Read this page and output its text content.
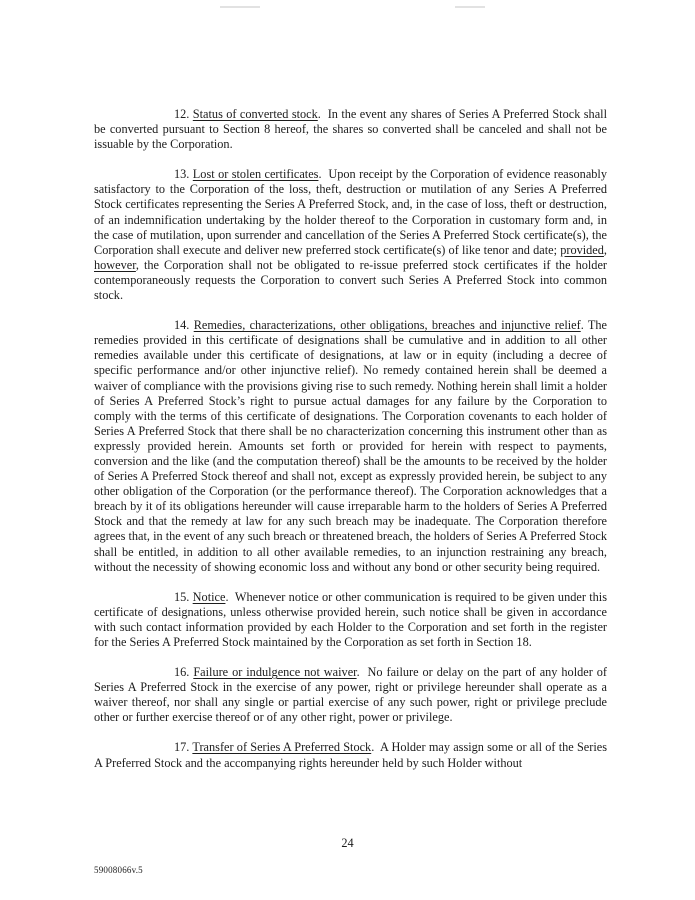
12. Status of converted stock. In the event any shares of Series A Preferred Stock shall be converted pursuant to Section 8 hereof, the shares so converted shall be canceled and shall not be issuable by the Corporation.

13. Lost or stolen certificates. Upon receipt by the Corporation of evidence reasonably satisfactory to the Corporation of the loss, theft, destruction or mutilation of any Series A Preferred Stock certificates representing the Series A Preferred Stock, and, in the case of loss, theft or destruction, of an indemnification undertaking by the holder thereof to the Corporation in customary form and, in the case of mutilation, upon surrender and cancellation of the Series A Preferred Stock certificate(s), the Corporation shall execute and deliver new preferred stock certificate(s) of like tenor and date; provided, however, the Corporation shall not be obligated to re-issue preferred stock certificates if the holder contemporaneously requests the Corporation to convert such Series A Preferred Stock into common stock.

14. Remedies, characterizations, other obligations, breaches and injunctive relief. The remedies provided in this certificate of designations shall be cumulative and in addition to all other remedies available under this certificate of designations, at law or in equity (including a decree of specific performance and/or other injunctive relief). No remedy contained herein shall be deemed a waiver of compliance with the provisions giving rise to such remedy. Nothing herein shall limit a holder of Series A Preferred Stock’s right to pursue actual damages for any failure by the Corporation to comply with the terms of this certificate of designations. The Corporation covenants to each holder of Series A Preferred Stock that there shall be no characterization concerning this instrument other than as expressly provided herein. Amounts set forth or provided for herein with respect to payments, conversion and the like (and the computation thereof) shall be the amounts to be received by the holder of Series A Preferred Stock thereof and shall not, except as expressly provided herein, be subject to any other obligation of the Corporation (or the performance thereof). The Corporation acknowledges that a breach by it of its obligations hereunder will cause irreparable harm to the holders of Series A Preferred Stock and that the remedy at law for any such breach may be inadequate. The Corporation therefore agrees that, in the event of any such breach or threatened breach, the holders of Series A Preferred Stock shall be entitled, in addition to all other available remedies, to an injunction restraining any breach, without the necessity of showing economic loss and without any bond or other security being required.

15. Notice. Whenever notice or other communication is required to be given under this certificate of designations, unless otherwise provided herein, such notice shall be given in accordance with such contact information provided by each Holder to the Corporation and set forth in the register for the Series A Preferred Stock maintained by the Corporation as set forth in Section 18.

16. Failure or indulgence not waiver. No failure or delay on the part of any holder of Series A Preferred Stock in the exercise of any power, right or privilege hereunder shall operate as a waiver thereof, nor shall any single or partial exercise of any such power, right or privilege preclude other or further exercise thereof or of any other right, power or privilege.

17. Transfer of Series A Preferred Stock. A Holder may assign some or all of the Series A Preferred Stock and the accompanying rights hereunder held by such Holder without

24
59008066v.5
